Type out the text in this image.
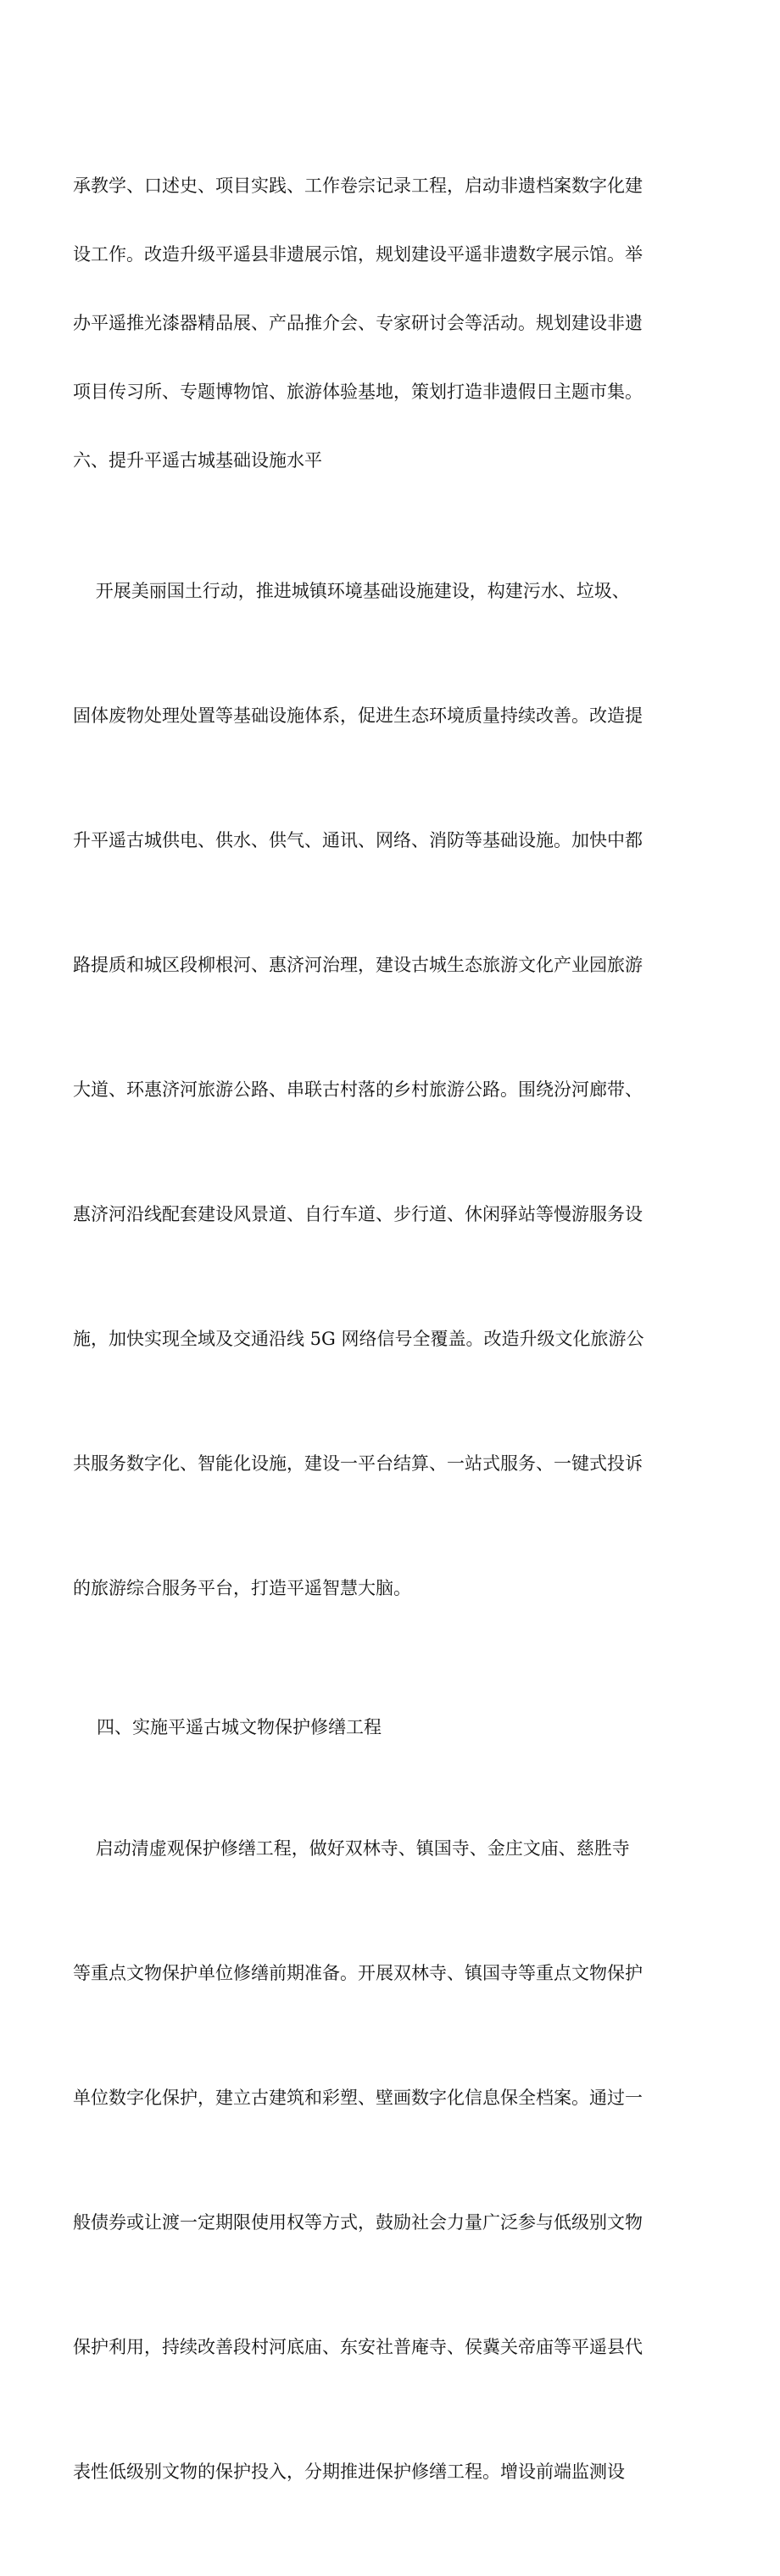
承教学、口述史、项目实践、工作卷宗记录工程，启动非遗档案数字化建

设工作。改造升级平遥县非遗展示馆，规划建设平遥非遗数字展示馆。举

办平遥推光漆器精品展、产品推介会、专家研讨会等活动。规划建设非遗

项目传习所、专题博物馆、旅游体验基地，策划打造非遗假日主题市集。

六、提升平遥古城基础设施水平

开展美丽国土行动，推进城镇环境基础设施建设，构建污水、垃圾、

固体废物处理处置等基础设施体系，促进生态环境质量持续改善。改造提

升平遥古城供电、供水、供气、通讯、网络、消防等基础设施。加快中都

路提质和城区段柳根河、惠济河治理，建设古城生态旅游文化产业园旅游

大道、环惠济河旅游公路、串联古村落的乡村旅游公路。围绕汾河廊带、

惠济河沿线配套建设风景道、自行车道、步行道、休闲驿站等慢游服务设

施，加快实现全域及交通沿线 5G 网络信号全覆盖。改造升级文化旅游公

共服务数字化、智能化设施，建设一平台结算、一站式服务、一键式投诉

的旅游综合服务平台，打造平遥智慧大脑。

四、实施平遥古城文物保护修缮工程

启动清虚观保护修缮工程，做好双林寺、镇国寺、金庄文庙、慈胜寺

等重点文物保护单位修缮前期准备。开展双林寺、镇国寺等重点文物保护

单位数字化保护，建立古建筑和彩塑、壁画数字化信息保全档案。通过一

般债券或让渡一定期限使用权等方式，鼓励社会力量广泛参与低级别文物

保护利用，持续改善段村河底庙、东安社普庵寺、侯冀关帝庙等平遥县代

表性低级别文物的保护投入，分期推进保护修缮工程。增设前端监测设
